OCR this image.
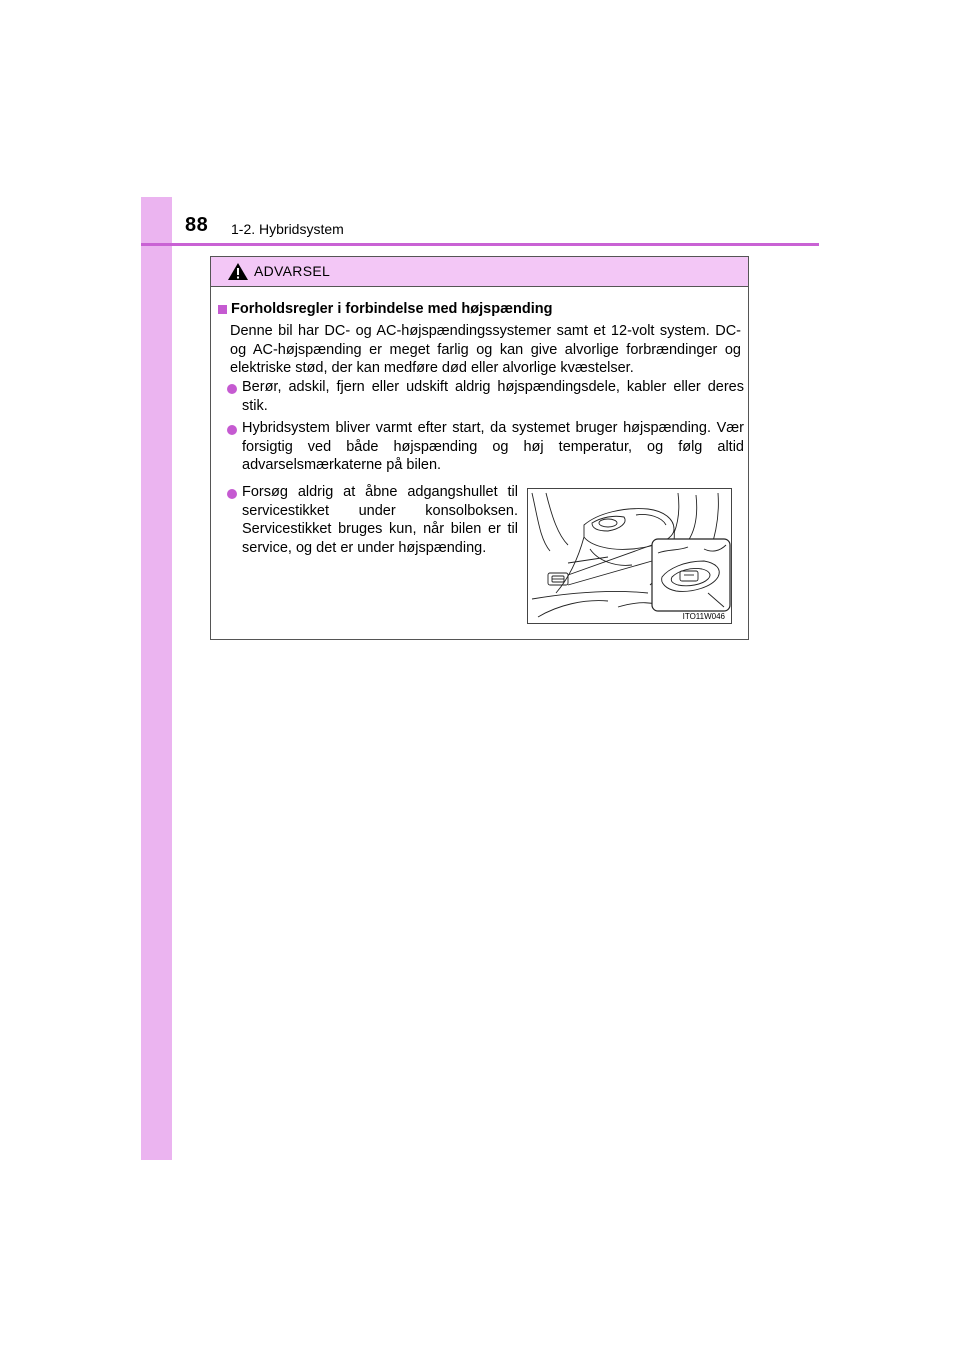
88 1-2. Hybridsystem
ADVARSEL
Forholdsregler i forbindelse med højspænding
Denne bil har DC- og AC-højspændingssystemer samt et 12-volt system. DC- og AC-højspænding er meget farlig og kan give alvorlige forbrændinger og elektriske stød, der kan medføre død eller alvorlige kvæstelser.
Berør, adskil, fjern eller udskift aldrig højspændingsdele, kabler eller deres stik.
Hybridsystem bliver varmt efter start, da systemet bruger højspænding. Vær forsigtig ved både højspænding og høj temperatur, og følg altid advarselsmærkaterne på bilen.
Forsøg aldrig at åbne adgangshullet til servicestikket under konsolboksen. Servicestikket bruges kun, når bilen er til service, og det er under højspænding.
ITO11W046
